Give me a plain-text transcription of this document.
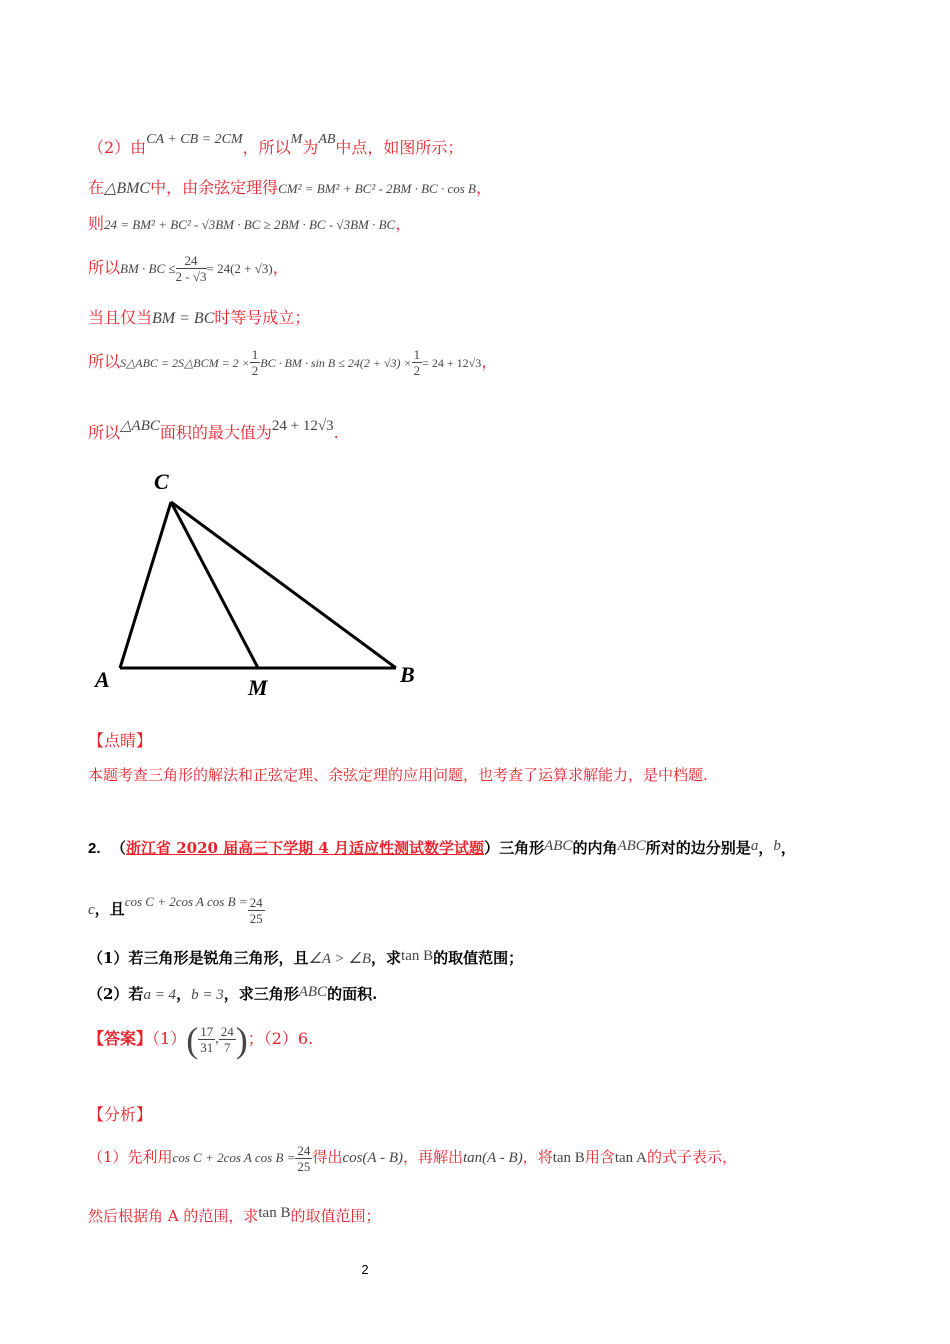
（2）由CA + CB = 2CM，所以M为AB中点，如图所示；
在△BMC中，由余弦定理得CM² = BM² + BC² - 2BM · BC · cos B，
则24 = BM² + BC² - √3BM · BC ≥ 2BM · BC - √3BM · BC，
所以BM · BC ≤ $\frac{24}{2 - √3} = 24(2 + √3)$，
当且仅当BM = BC时等号成立；
所以S△ABC = 2S△BCM = $2 \times \frac{1}{2}$ BC · BM · $\sin B \le 24(2 + √3) \times \frac{1}{2} = 24 + 12√3$，
所以△ABC面积的最大值为24 + 12√3.
C
A	M
B
【点睛】
本题考查三角形的解法和正弦定理、余弦定理的应用问题，也考查了运算求解能力，是中档题.
2. （浙江省 2020 届高三下学期 4 月适应性测试数学试题）三角形ABC的内角ABC所对的边分别是a，b，
c，且cos C + 2cos A $\cos B = \frac{24}{25}$
（1）若三角形是锐角三角形，且∠A > ∠B，求tan B的取值范围；
（2）若a = 4，b = 3，求三角形ABC的面积.
【答案】$(1)( \frac{17}{31}$ , $\frac{24}{7}$ )；（2）6.
【分析】
（1）先利用cos C + 2cos A $\cos B = \frac{24}{25}$ 得出cos(A - B)，再解出tan(A - B)，将tan B用含tan A的式子表示，
然后根据角 A 的范围，求tan B的取值范围；
2
